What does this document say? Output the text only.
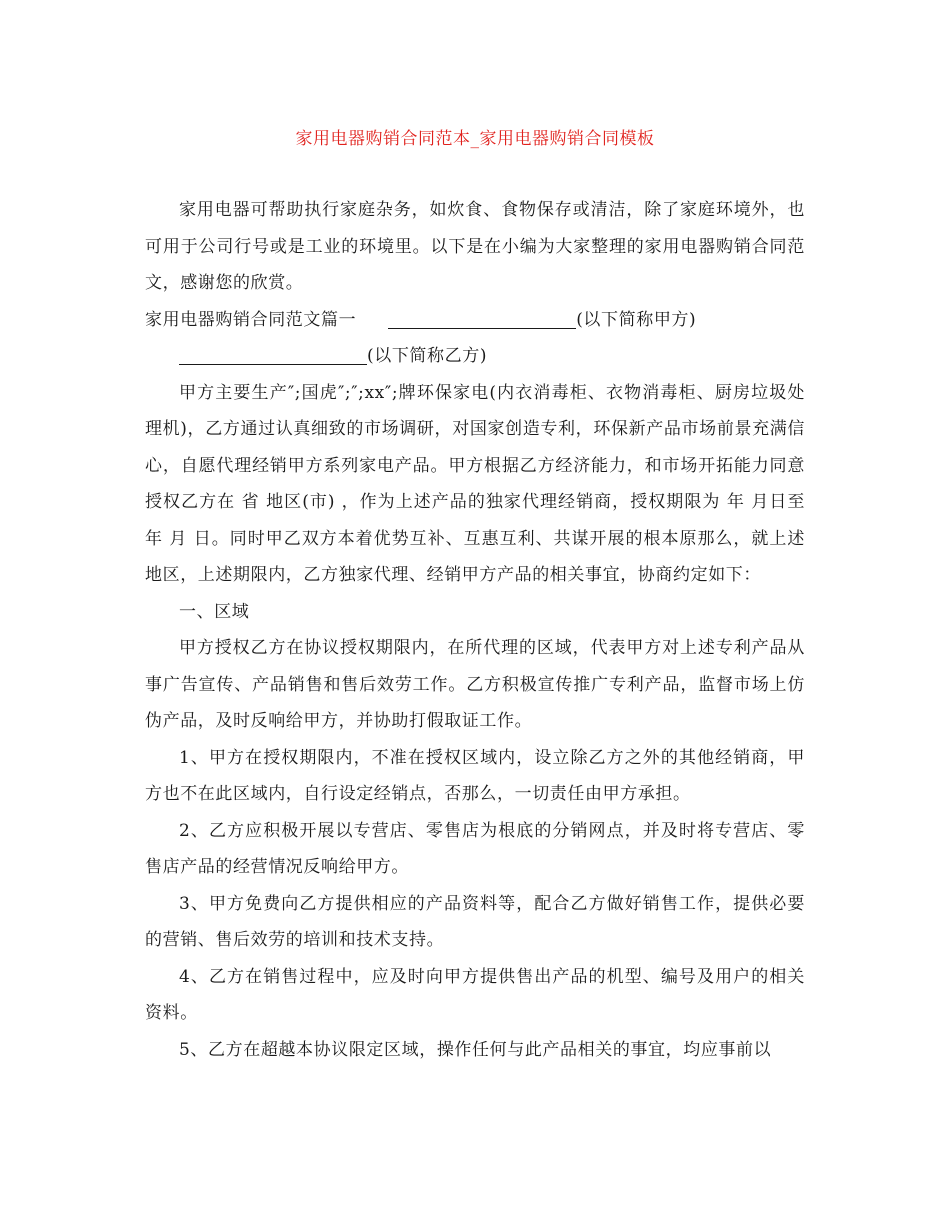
家用电器购销合同范本_家用电器购销合同模板

家用电器可帮助执行家庭杂务，如炊食、食物保存或清洁，除了家庭环境外，也可用于公司行号或是工业的环境里。以下是在小编为大家整理的家用电器购销合同范文，感谢您的欣赏。

家用电器购销合同范文篇一	(以下简称甲方)

(以下简称乙方)

甲方主要生产″;国虎″;″;xx″;牌环保家电(内衣消毒柜、衣物消毒柜、厨房垃圾处理机)，乙方通过认真细致的市场调研，对国家创造专利，环保新产品市场前景充满信心，自愿代理经销甲方系列家电产品。甲方根据乙方经济能力，和市场开拓能力同意授权乙方在 省 地区(市) ，作为上述产品的独家代理经销商，授权期限为 年 月日至 年 月 日。同时甲乙双方本着优势互补、互惠互利、共谋开展的根本原那么，就上述地区，上述期限内，乙方独家代理、经销甲方产品的相关事宜，协商约定如下：

一、区域

甲方授权乙方在协议授权期限内，在所代理的区域，代表甲方对上述专利产品从事广告宣传、产品销售和售后效劳工作。乙方积极宣传推广专利产品，监督市场上仿伪产品，及时反响给甲方，并协助打假取证工作。

1、甲方在授权期限内，不准在授权区域内，设立除乙方之外的其他经销商，甲方也不在此区域内，自行设定经销点，否那么，一切责任由甲方承担。

2、乙方应积极开展以专营店、零售店为根底的分销网点，并及时将专营店、零售店产品的经营情况反响给甲方。

3、甲方免费向乙方提供相应的产品资料等，配合乙方做好销售工作，提供必要的营销、售后效劳的培训和技术支持。

4、乙方在销售过程中，应及时向甲方提供售出产品的机型、编号及用户的相关资料。

5、乙方在超越本协议限定区域，操作任何与此产品相关的事宜，均应事前以
